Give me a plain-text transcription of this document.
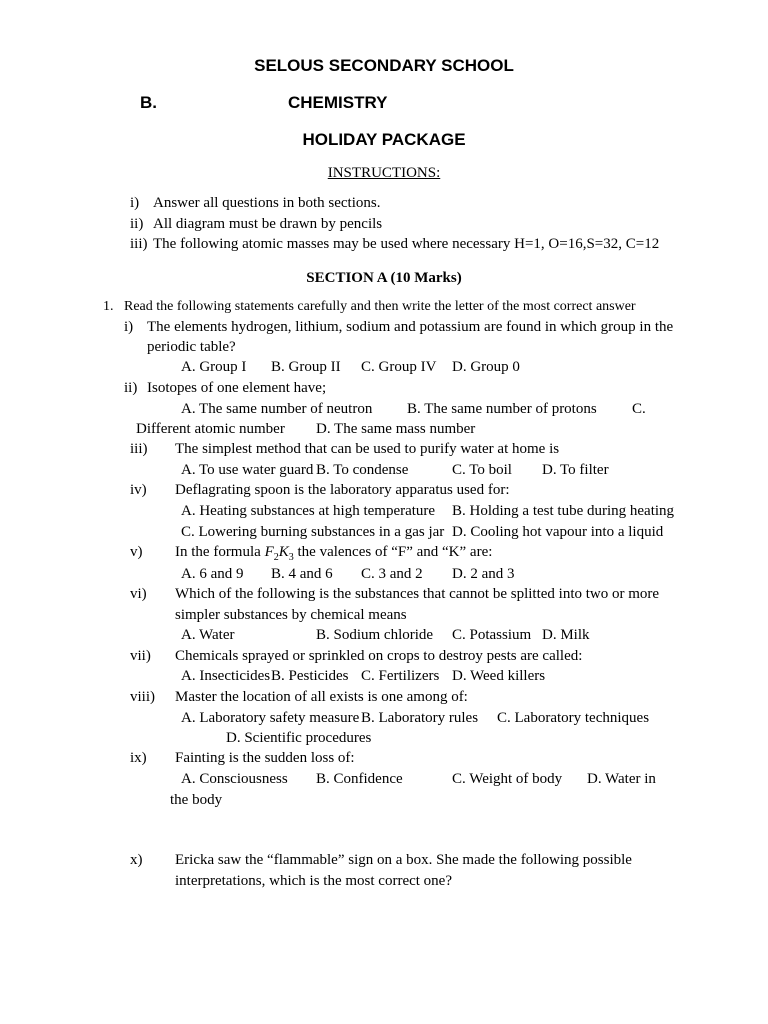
SELOUS SECONDARY SCHOOL
B.	CHEMISTRY
HOLIDAY PACKAGE
INSTRUCTIONS:
i) Answer all questions in both sections.
ii) All diagram must be drawn by pencils
iii) The following atomic masses may be used where necessary H=1, O=16,S=32, C=12
SECTION A (10 Marks)
1. Read the following statements carefully and then write the letter of the most correct answer
i) The elements hydrogen, lithium, sodium and potassium are found in which group in the
periodic table?
A. Group I B. Group II C. Group IV D. Group 0
ii) Isotopes of one element have;
A. The same number of neutron B. The same number of protons C.
Different atomic number D. The same mass number
iii) The simplest method that can be used to purify water at home is
A. To use water guard B. To condense	C. To boil D. To filter
iv) Deflagrating spoon is the laboratory apparatus used for:
A. Heating substances at high temperature B. Holding a test tube during heating
C. Lowering burning substances in a gas jar D. Cooling hot vapour into a liquid
v) In the formula $F_2K_3$ the valences of “F” and “K” are:
A. 6 and 9 B. 4 and 6 C. 3 and 2 D. 2 and 3
vi) Which of the following is the substances that cannot be splitted into two or more
simpler substances by chemical means
A. Water	B. Sodium chloride C. Potassium D. Milk
vii) Chemicals sprayed or sprinkled on crops to destroy pests are called:
A. Insecticides B. Pesticides C. Fertilizers D. Weed killers
viii) Master the location of all exists is one among of:
A. Laboratory safety measure B. Laboratory rules C. Laboratory techniques
D. Scientific procedures
ix) Fainting is the sudden loss of:
A. Consciousness B. Confidence	C. Weight of body D. Water in
the body
x) Ericka saw the “flammable” sign on a box. She made the following possible
interpretations, which is the most correct one?
